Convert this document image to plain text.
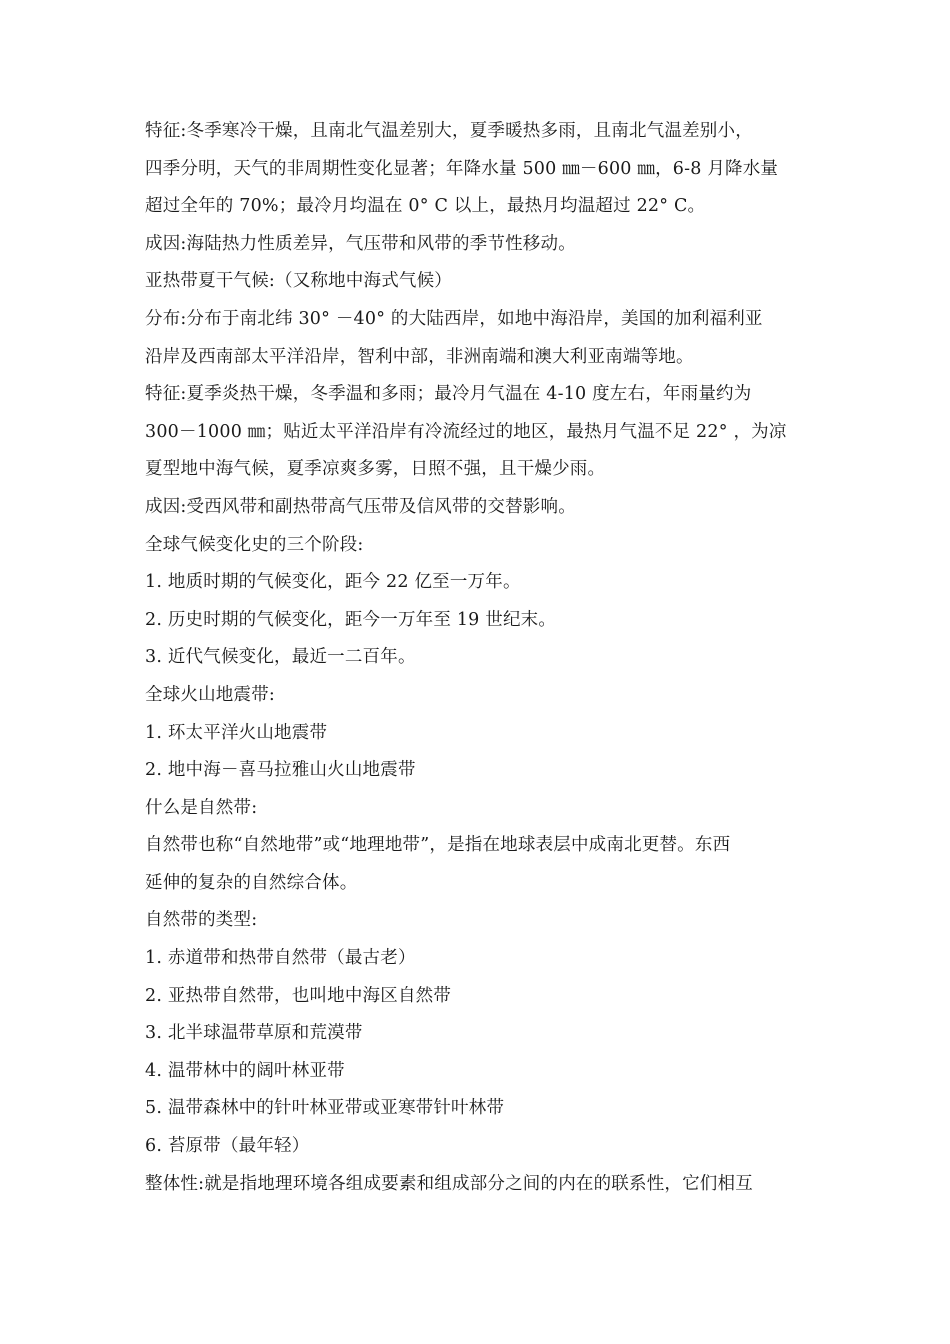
特征:冬季寒冷干燥，且南北气温差别大，夏季暖热多雨，且南北气温差别小，
四季分明，天气的非周期性变化显著；年降水量 500 ㎜－600 ㎜，6-8 月降水量
超过全年的 70%；最冷月均温在 0° C 以上，最热月均温超过 22° C。
成因:海陆热力性质差异，气压带和风带的季节性移动。
亚热带夏干气候:（又称地中海式气候）
分布:分布于南北纬 30° －40° 的大陆西岸，如地中海沿岸，美国的加利福利亚
沿岸及西南部太平洋沿岸，智利中部，非洲南端和澳大利亚南端等地。
特征:夏季炎热干燥，冬季温和多雨；最冷月气温在 4-10 度左右，年雨量约为
300－1000 ㎜；贴近太平洋沿岸有冷流经过的地区，最热月气温不足 22° ，为凉
夏型地中海气候，夏季凉爽多雾，日照不强，且干燥少雨。
成因:受西风带和副热带高气压带及信风带的交替影响。
全球气候变化史的三个阶段:
1. 地质时期的气候变化，距今 22 亿至一万年。
2. 历史时期的气候变化，距今一万年至 19 世纪末。
3. 近代气候变化，最近一二百年。
全球火山地震带:
1. 环太平洋火山地震带
2. 地中海－喜马拉雅山火山地震带
什么是自然带:
自然带也称“自然地带”或“地理地带”，是指在地球表层中成南北更替。东西
延伸的复杂的自然综合体。
自然带的类型:
1. 赤道带和热带自然带（最古老）
2. 亚热带自然带，也叫地中海区自然带
3. 北半球温带草原和荒漠带
4. 温带林中的阔叶林亚带
5. 温带森林中的针叶林亚带或亚寒带针叶林带
6. 苔原带（最年轻）
整体性:就是指地理环境各组成要素和组成部分之间的内在的联系性，它们相互
